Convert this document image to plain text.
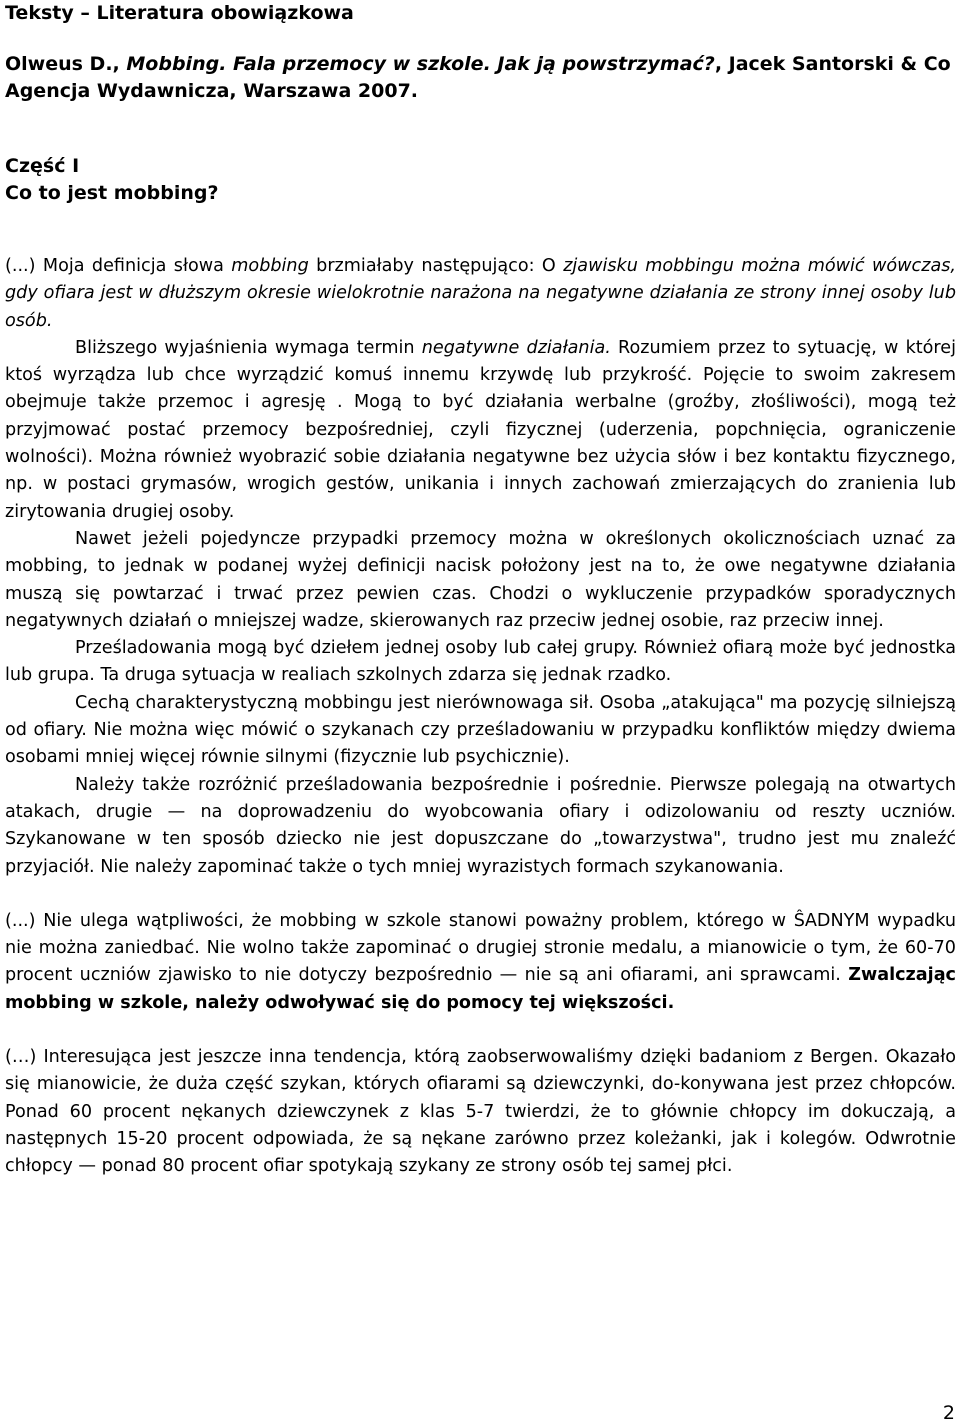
Teksty – Literatura obowiązkowa

Olweus D., Mobbing. Fala przemocy w szkole. Jak ją powstrzymać?, Jacek Santorski & Co Agencja Wydawnicza, Warszawa 2007.

Część I

Co to jest mobbing?

(...) Moja definicja słowa mobbing brzmiałaby następująco: O zjawisku mobbingu można mówić wówczas, gdy ofiara jest w dłuższym okresie wielokrotnie narażona na negatywne działania ze strony innej osoby lub osób.

Bliższego wyjaśnienia wymaga termin negatywne działania. Rozumiem przez to sytuację, w której ktoś wyrządza lub chce wyrządzić komuś innemu krzywdę lub przykrość. Pojęcie to swoim zakresem obejmuje także przemoc i agresję . Mogą to być działania werbalne (groźby, złośliwości), mogą też przyjmować postać przemocy bezpośredniej, czyli fizycznej (uderzenia, popchnięcia, ograniczenie wolności). Można również wyobrazić sobie działania negatywne bez użycia słów i bez kontaktu fizycznego, np. w postaci grymasów, wrogich gestów, unikania i innych zachowań zmierzających do zranienia lub zirytowania drugiej osoby.

Nawet jeżeli pojedyncze przypadki przemocy można w określonych okolicznościach uznać za mobbing, to jednak w podanej wyżej definicji nacisk położony jest na to, że owe negatywne działania muszą się powtarzać i trwać przez pewien czas. Chodzi o wykluczenie przypadków sporadycznych negatywnych działań o mniejszej wadze, skierowanych raz przeciw jednej osobie, raz przeciw innej.

Prześladowania mogą być dziełem jednej osoby lub całej grupy. Również ofiarą może być jednostka lub grupa. Ta druga sytuacja w realiach szkolnych zdarza się jednak rzadko.

Cechą charakterystyczną mobbingu jest nierównowaga sił. Osoba „atakująca" ma pozycję silniejszą od ofiary. Nie można więc mówić o szykanach czy prześladowaniu w przypadku konfliktów między dwiema osobami mniej więcej równie silnymi (fizycznie lub psychicznie).

Należy także rozróżnić prześladowania bezpośrednie i pośrednie. Pierwsze polegają na otwartych atakach, drugie — na doprowadzeniu do wyobcowania ofiary i odizolowaniu od reszty uczniów. Szykanowane w ten sposób dziecko nie jest dopuszczane do „towarzystwa", trudno jest mu znaleźć przyjaciół. Nie należy zapominać także o tych mniej wyrazistych formach szykanowania.

(...) Nie ulega wątpliwości, że mobbing w szkole stanowi poważny problem, którego w ŜADNYM wypadku nie można zaniedbać. Nie wolno także zapominać o drugiej stronie medalu, a mianowicie o tym, że 60-70 procent uczniów zjawisko to nie dotyczy bezpośrednio — nie są ani ofiarami, ani sprawcami. Zwalczając mobbing w szkole, należy odwoływać się do pomocy tej większości.

(…) Interesująca jest jeszcze inna tendencja, którą zaobserwowaliśmy dzięki badaniom z Bergen. Okazało się mianowicie, że duża część szykan, których ofiarami są dziewczynki, do-konywana jest przez chłopców. Ponad 60 procent nękanych dziewczynek z klas 5-7 twierdzi, że to głównie chłopcy im dokuczają, a następnych 15-20 procent odpowiada, że są nękane zarówno przez koleżanki, jak i kolegów. Odwrotnie chłopcy — ponad 80 procent ofiar spotykają szykany ze strony osób tej samej płci.

2
